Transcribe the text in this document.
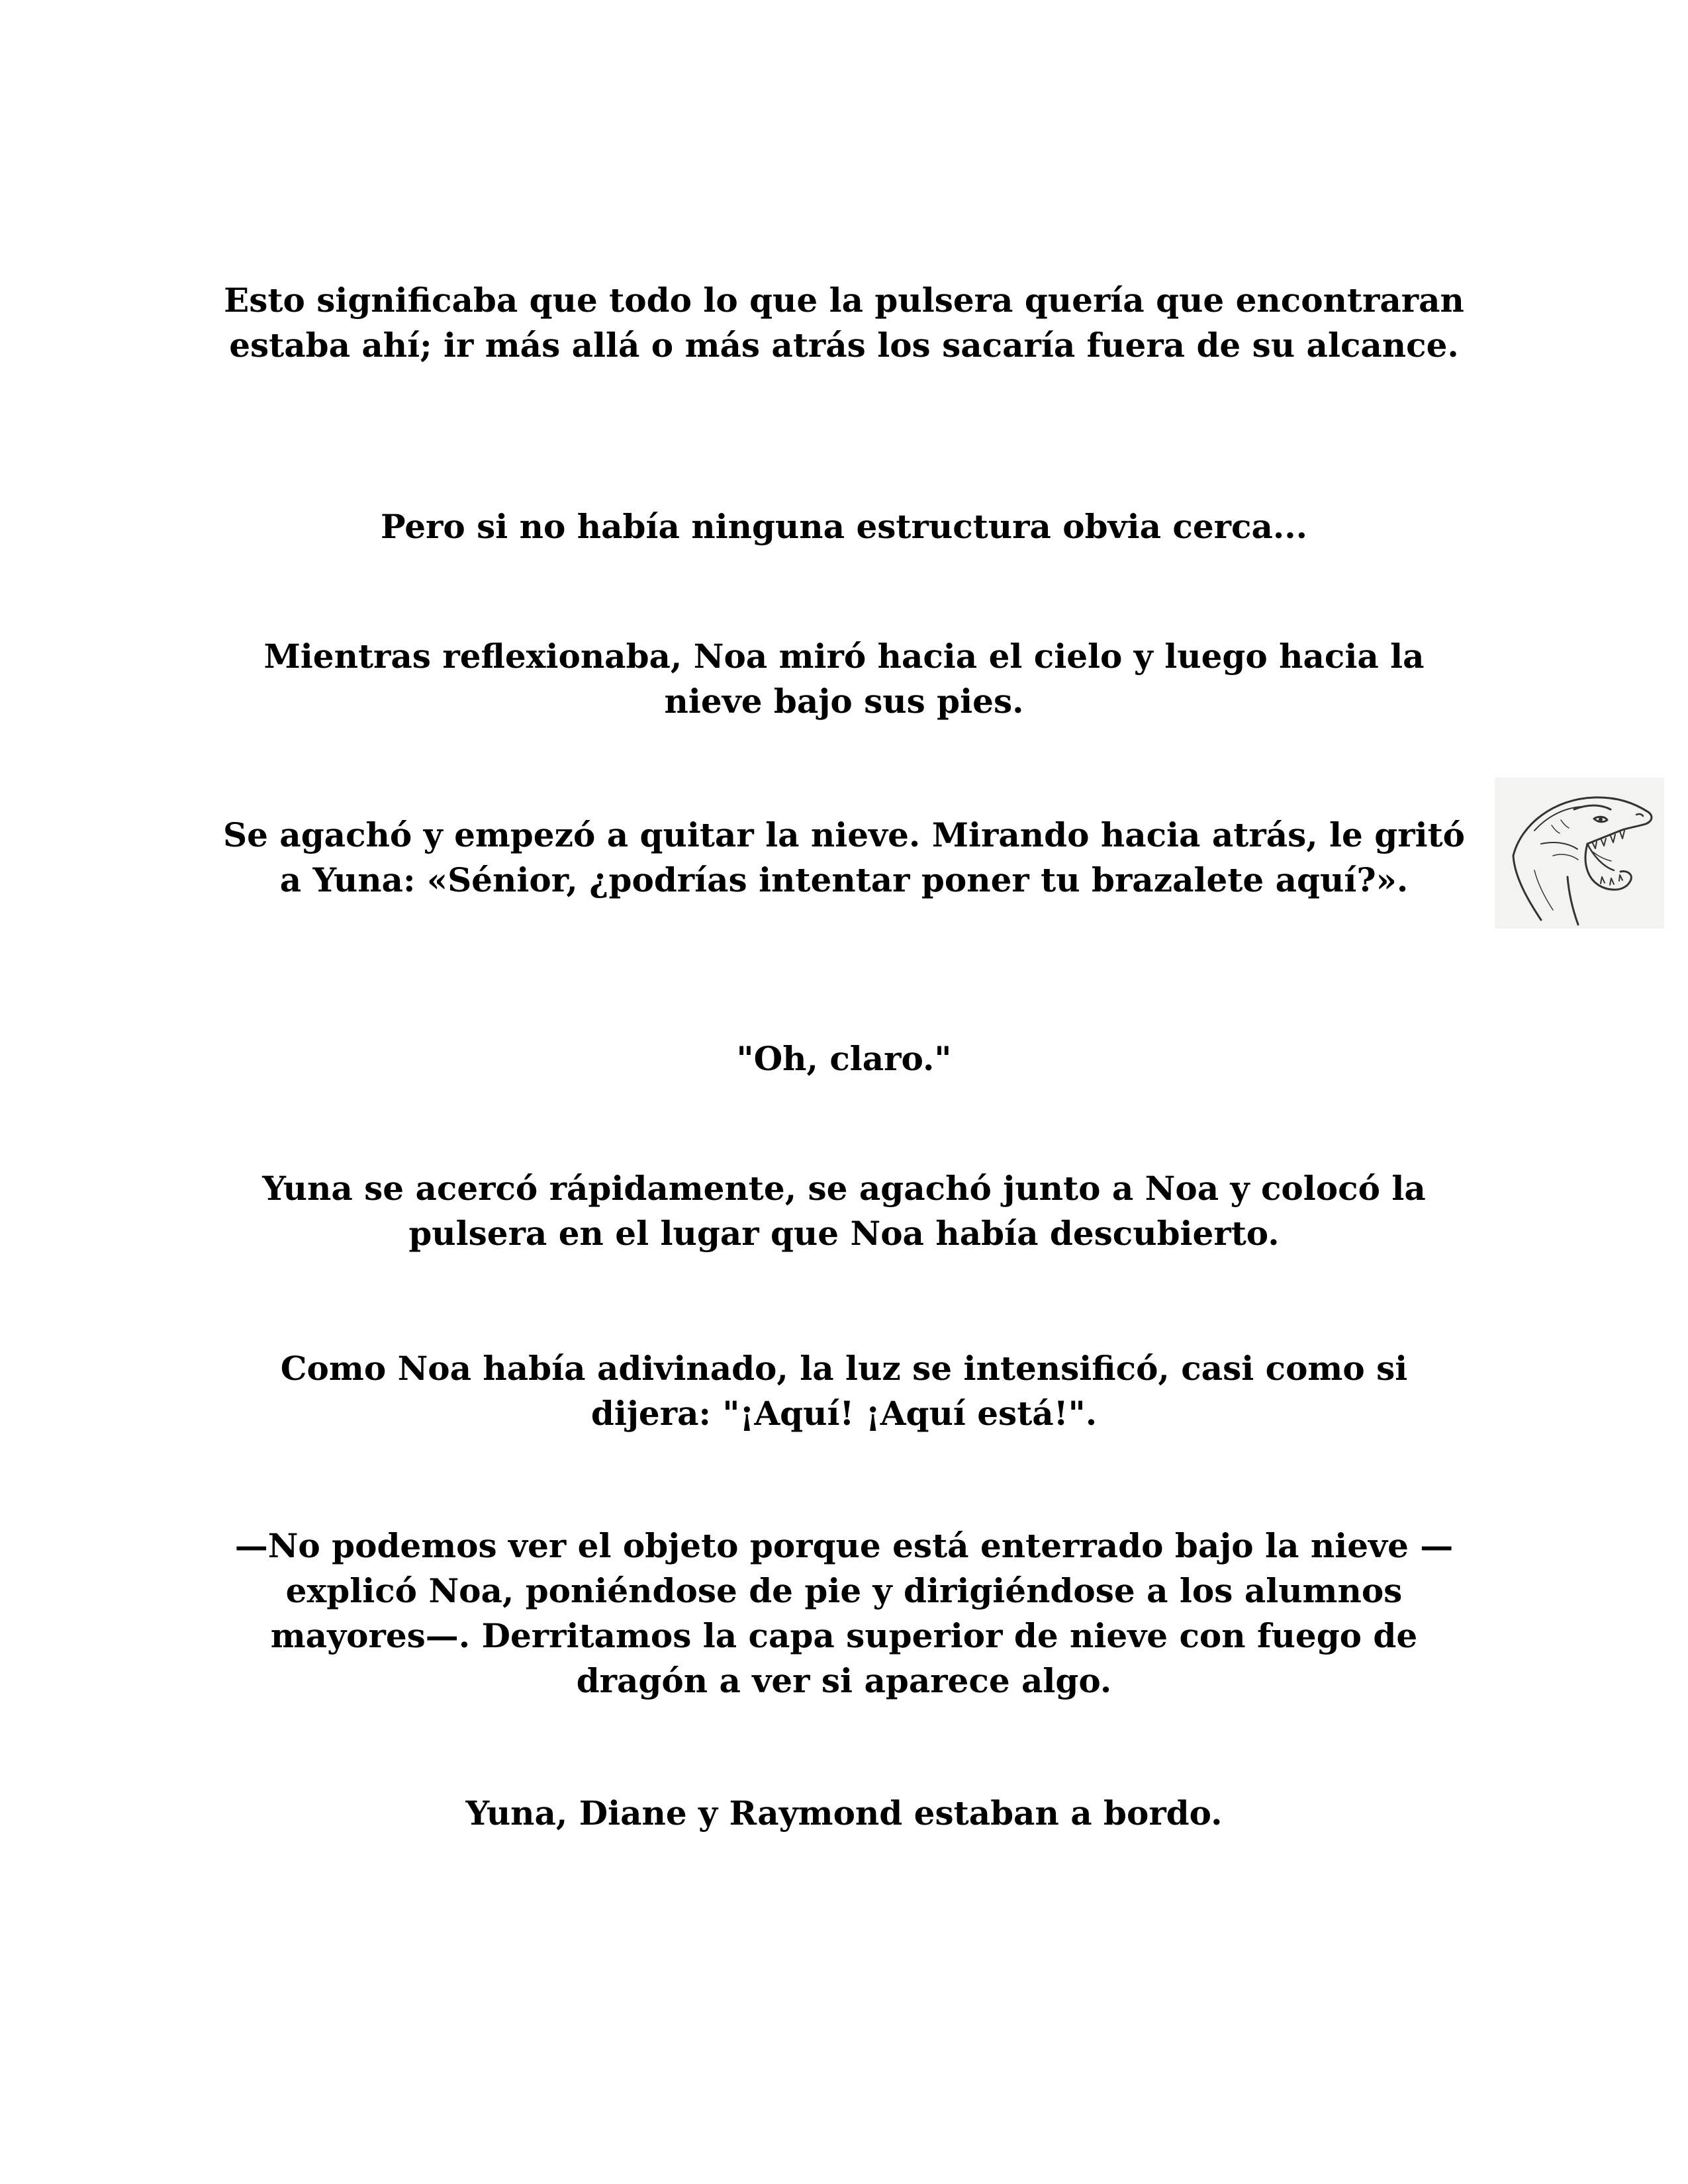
Esto significaba que todo lo que la pulsera quería que encontraran estaba ahí; ir más allá o más atrás los sacaría fuera de su alcance.

Pero si no había ninguna estructura obvia cerca...

Mientras reflexionaba, Noa miró hacia el cielo y luego hacia la nieve bajo sus pies.

Se agachó y empezó a quitar la nieve. Mirando hacia atrás, le gritó a Yuna: «Sénior, ¿podrías intentar poner tu brazalete aquí?».

"Oh, claro."

Yuna se acercó rápidamente, se agachó junto a Noa y colocó la pulsera en el lugar que Noa había descubierto.

Como Noa había adivinado, la luz se intensificó, casi como si dijera: "¡Aquí! ¡Aquí está!".

—No podemos ver el objeto porque está enterrado bajo la nieve —explicó Noa, poniéndose de pie y dirigiéndose a los alumnos mayores—. Derritamos la capa superior de nieve con fuego de dragón a ver si aparece algo.

Yuna, Diane y Raymond estaban a bordo.
